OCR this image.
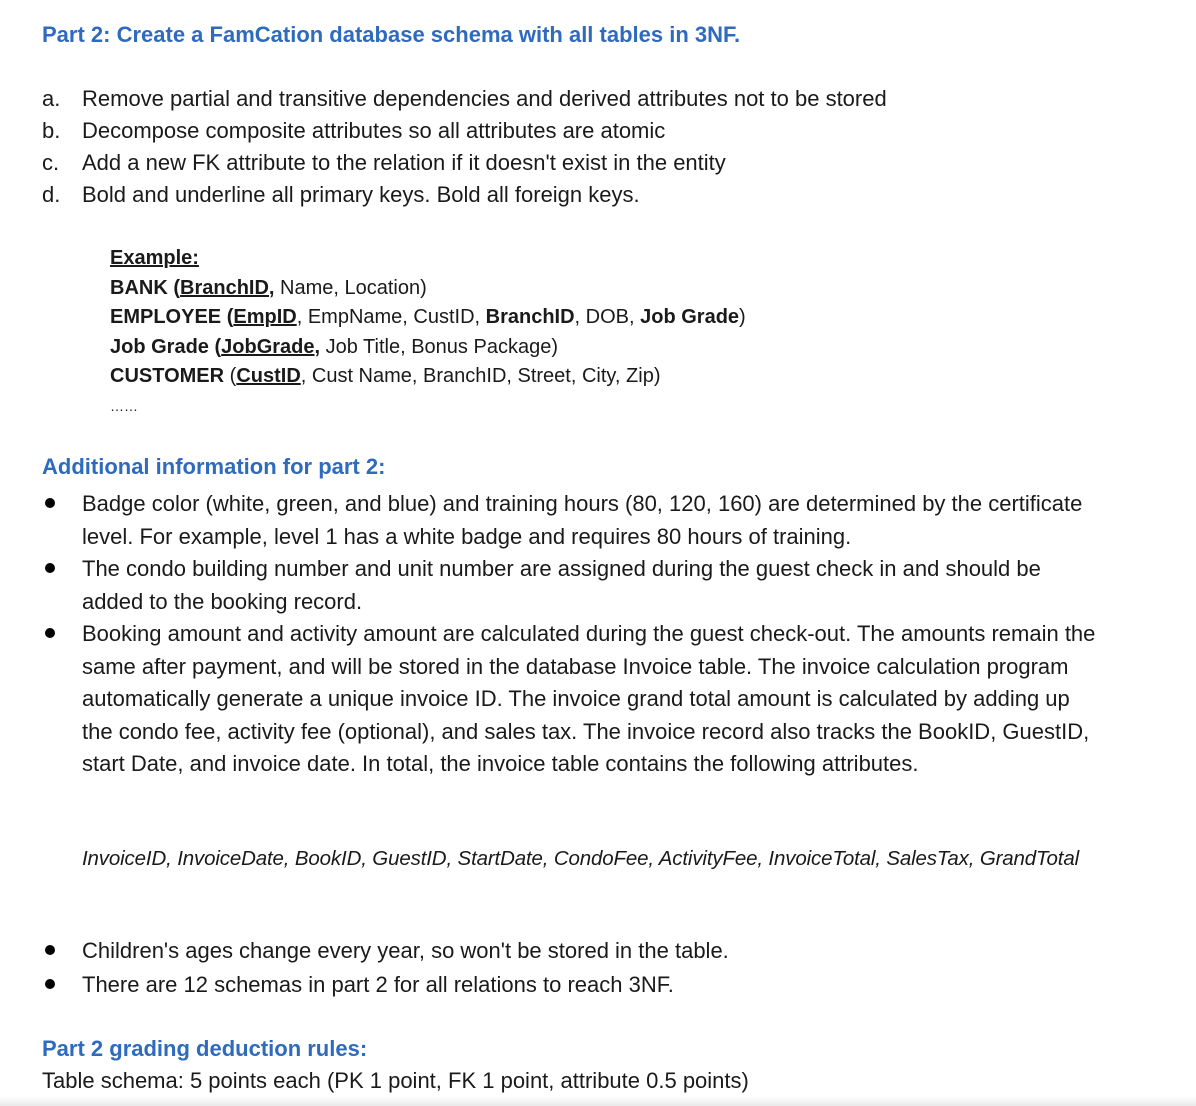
Part 2: Create a FamCation database schema with all tables in 3NF.
a. Remove partial and transitive dependencies and derived attributes not to be stored
b. Decompose composite attributes so all attributes are atomic
c. Add a new FK attribute to the relation if it doesn't exist in the entity
d. Bold and underline all primary keys. Bold all foreign keys.
Example:
BANK (BranchID, Name, Location)
EMPLOYEE (EmpID, EmpName, CustID, BranchID, DOB, Job Grade)
Job Grade (JobGrade, Job Title, Bonus Package)
CUSTOMER (CustID, Cust Name, BranchID, Street, City, Zip)
……
Additional information for part 2:
Badge color (white, green, and blue) and training hours (80, 120, 160) are determined by the certificate level. For example, level 1 has a white badge and requires 80 hours of training.
The condo building number and unit number are assigned during the guest check in and should be added to the booking record.
Booking amount and activity amount are calculated during the guest check-out. The amounts remain the same after payment, and will be stored in the database Invoice table. The invoice calculation program automatically generate a unique invoice ID. The invoice grand total amount is calculated by adding up the condo fee, activity fee (optional), and sales tax. The invoice record also tracks the BookID, GuestID, start Date, and invoice date. In total, the invoice table contains the following attributes.
InvoiceID, InvoiceDate, BookID, GuestID, StartDate, CondoFee, ActivityFee, InvoiceTotal, SalesTax, GrandTotal
Children's ages change every year, so won't be stored in the table.
There are 12 schemas in part 2 for all relations to reach 3NF.
Part 2 grading deduction rules:
Table schema: 5 points each (PK 1 point, FK 1 point, attribute 0.5 points)
